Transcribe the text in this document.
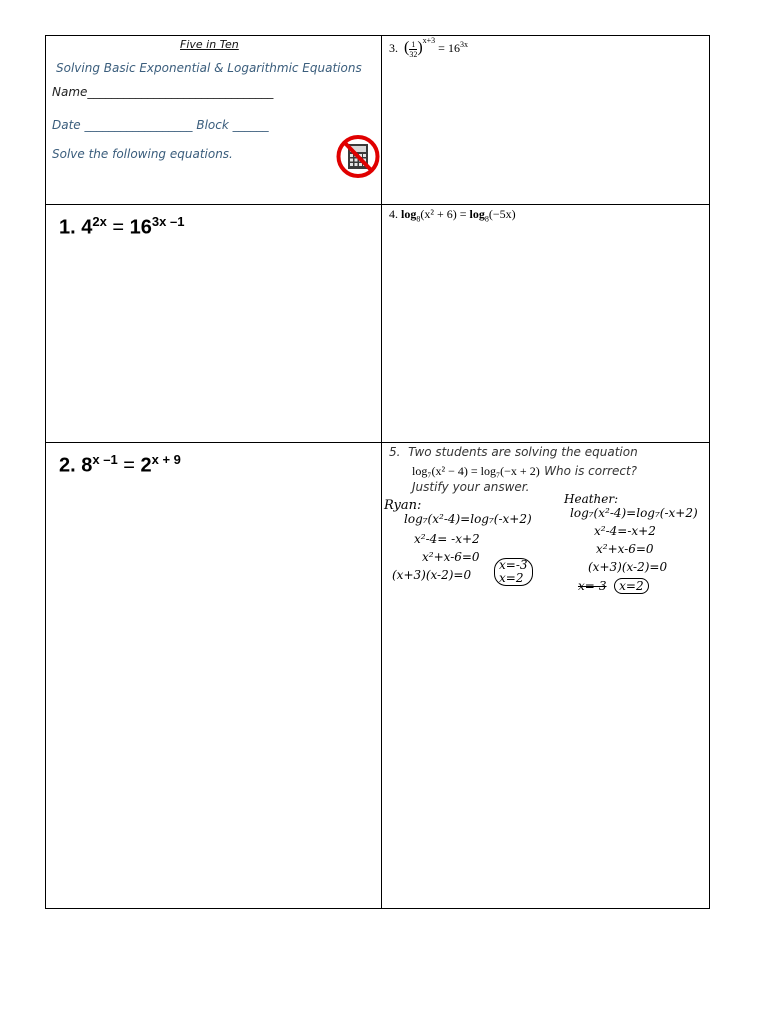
Five in Ten
Solving Basic Exponential & Logarithmic Equations
Name_______________________________
Date __________________ Block ______
Solve the following equations.
3. ( $\frac{1}{32} )^{x+3} = 16^{3x}$
1. $4^{2x} = 16^{3x -1}$	4. $\log_8(x^2 + 6) = \log_8(-5x)$
2. $8^{x -1} = 2^{x + 9}$	5. Two students are solving the equation
log₇(x² − 4) = log₇(−x + 2) Who is correct?
Justify your answer.
Ryan:
log₇(x²-4)=log₇(-x+2)
x²-4= -x+2
x²+x-6=0
(x+3)(x-2)=0
x=-3
x=2
Heather:
log₇(x²-4)=log₇(-x+2)
x²-4=-x+2
x²+x-6=0
(x+3)(x-2)=0
x=-3 x=2
